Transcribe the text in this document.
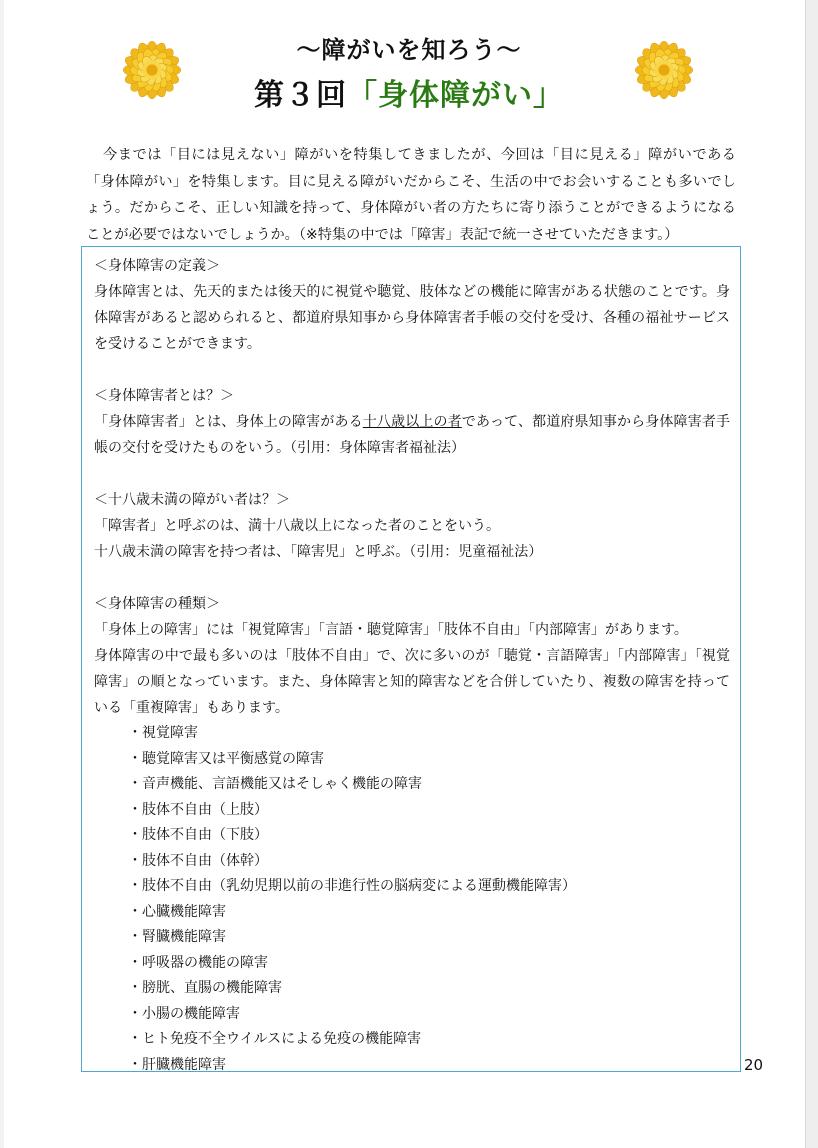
〜障がいを知ろう〜
第３回「身体障がい」

今までは「目には見えない」障がいを特集してきましたが、今回は「目に見える」障がいである「身体障がい」を特集します。目に見える障がいだからこそ、生活の中でお会いすることも多いでしょう。だからこそ、正しい知識を持って、身体障がい者の方たちに寄り添うことができるようになることが必要ではないでしょうか。（※特集の中では「障害」表記で統一させていただきます。）

＜身体障害の定義＞

身体障害とは、先天的または後天的に視覚や聴覚、肢体などの機能に障害がある状態のことです。身体障害があると認められると、都道府県知事から身体障害者手帳の交付を受け、各種の福祉サービスを受けることができます。

＜身体障害者とは？＞

「身体障害者」とは、身体上の障害がある十八歳以上の者であって、都道府県知事から身体障害者手帳の交付を受けたものをいう。（引用：身体障害者福祉法）

＜十八歳未満の障がい者は？＞

「障害者」と呼ぶのは、満十八歳以上になった者のことをいう。

十八歳未満の障害を持つ者は、「障害児」と呼ぶ。（引用：児童福祉法）

＜身体障害の種類＞

「身体上の障害」には「視覚障害」「言語・聴覚障害」「肢体不自由」「内部障害」があります。

身体障害の中で最も多いのは「肢体不自由」で、次に多いのが「聴覚・言語障害」「内部障害」「視覚障害」の順となっています。また、身体障害と知的障害などを合併していたり、複数の障害を持っている「重複障害」もあります。

・ 視覚障害
・ 聴覚障害又は平衡感覚の障害
・ 音声機能、言語機能又はそしゃく機能の障害
・ 肢体不自由（上肢）
・ 肢体不自由（下肢）
・ 肢体不自由（体幹）
・ 肢体不自由（乳幼児期以前の非進行性の脳病変による運動機能障害）
・ 心臓機能障害
・ 腎臓機能障害
・ 呼吸器の機能の障害
・ 膀胱、直腸の機能障害
・ 小腸の機能障害
・ ヒト免疫不全ウイルスによる免疫の機能障害
・ 肝臓機能障害	20
